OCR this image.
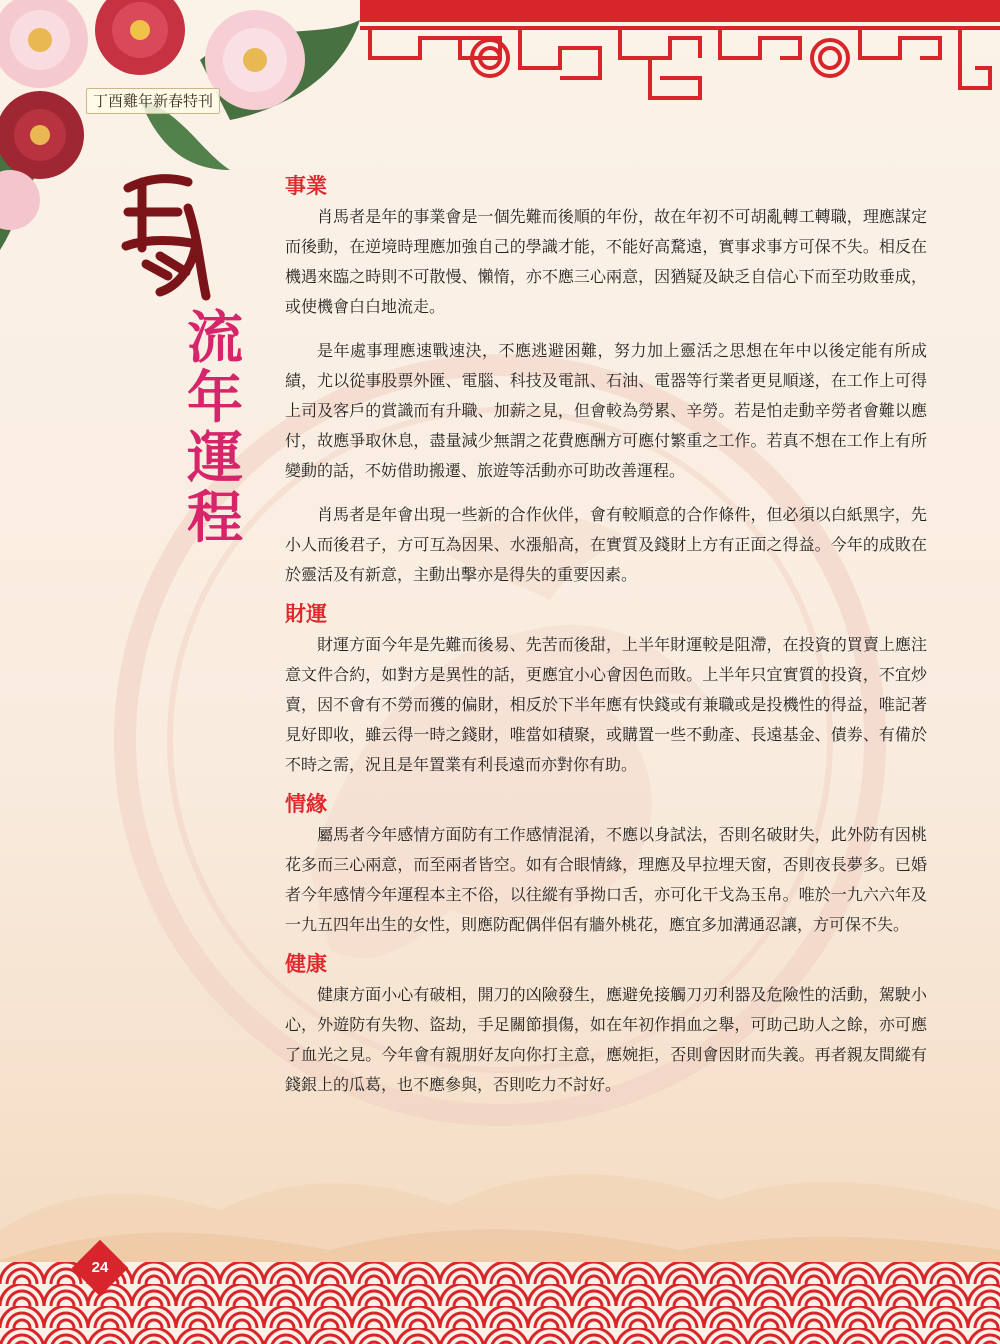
丁酉雞年新春特刊
流
年
運
程
事業

肖馬者是年的事業會是一個先難而後順的年份，故在年初不可胡亂轉工轉職，理應謀定而後動，在逆境時理應加強自己的學識才能，不能好高騖遠，實事求事方可保不失。相反在機遇來臨之時則不可散慢、懶惰，亦不應三心兩意，因猶疑及缺乏自信心下而至功敗垂成，或使機會白白地流走。

是年處事理應速戰速決，不應逃避困難，努力加上靈活之思想在年中以後定能有所成績，尤以從事股票外匯、電腦、科技及電訊、石油、電器等行業者更見順遂，在工作上可得上司及客戶的賞識而有升職、加薪之見，但會較為勞累、辛勞。若是怕走動辛勞者會難以應付，故應爭取休息，盡量減少無謂之花費應酬方可應付繁重之工作。若真不想在工作上有所變動的話，不妨借助搬遷、旅遊等活動亦可助改善運程。

肖馬者是年會出現一些新的合作伙伴，會有較順意的合作條件，但必須以白紙黑字，先小人而後君子，方可互為因果、水漲船高，在實質及錢財上方有正面之得益。今年的成敗在於靈活及有新意，主動出擊亦是得失的重要因素。

財運

財運方面今年是先難而後易、先苦而後甜，上半年財運較是阻滯，在投資的買賣上應注意文件合約，如對方是異性的話，更應宜小心會因色而敗。上半年只宜實質的投資，不宜炒賣，因不會有不勞而獲的偏財，相反於下半年應有快錢或有兼職或是投機性的得益，唯記著見好即收，雖云得一時之錢財，唯當如積聚，或購置一些不動產、長遠基金、債劵、有備於不時之需，況且是年置業有利長遠而亦對你有助。

情緣

屬馬者今年感情方面防有工作感情混淆，不應以身試法，否則名破財失，此外防有因桃花多而三心兩意，而至兩者皆空。如有合眼情緣，理應及早拉埋天窗，否則夜長夢多。已婚者今年感情今年運程本主不俗，以往縱有爭拗口舌，亦可化干戈為玉帛。唯於一九六六年及一九五四年出生的女性，則應防配偶伴侶有牆外桃花，應宜多加溝通忍讓，方可保不失。

健康

健康方面小心有破相，開刀的凶險發生，應避免接觸刀刃利器及危險性的活動，駕駛小心，外遊防有失物、盜劫，手足關節損傷，如在年初作捐血之舉，可助己助人之餘，亦可應了血光之見。今年會有親朋好友向你打主意，應婉拒，否則會因財而失義。再者親友間縱有錢銀上的瓜葛，也不應參與，否則吃力不討好。

24
